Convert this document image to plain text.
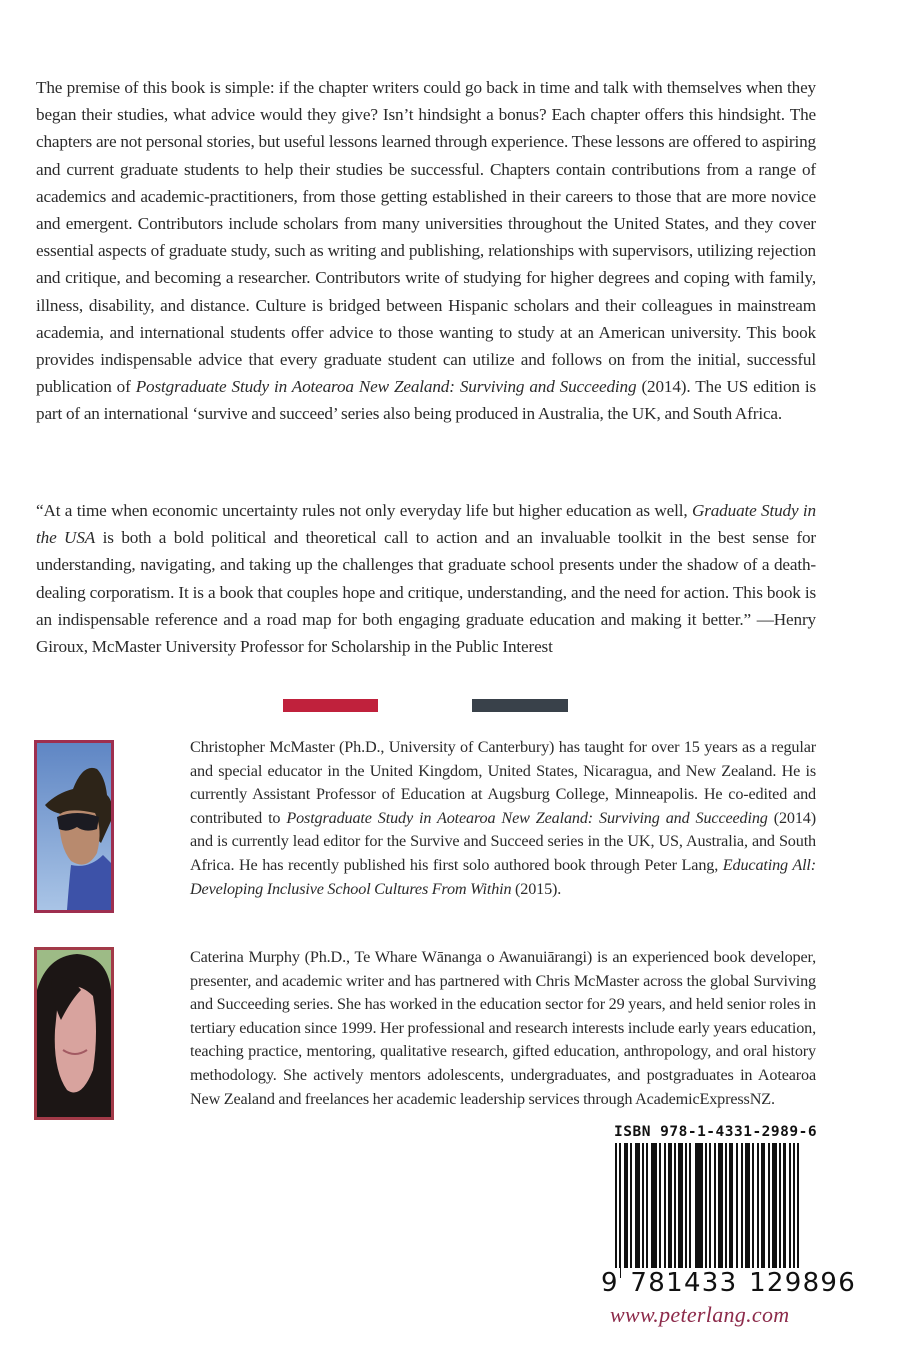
The premise of this book is simple: if the chapter writers could go back in time and talk with themselves when they began their studies, what advice would they give? Isn’t hindsight a bonus? Each chapter offers this hindsight. The chapters are not personal stories, but useful lessons learned through experience. These lessons are offered to aspiring and current graduate students to help their studies be successful. Chapters contain contributions from a range of academics and academic-practitioners, from those getting established in their careers to those that are more novice and emergent. Contributors include scholars from many universities throughout the United States, and they cover essential aspects of graduate study, such as writing and publishing, relationships with supervisors, utilizing rejection and critique, and becoming a researcher. Contributors write of studying for higher degrees and coping with family, illness, disability, and distance. Culture is bridged between Hispanic scholars and their colleagues in mainstream academia, and international students offer advice to those wanting to study at an American university. This book provides indispensable advice that every graduate student can utilize and follows on from the initial, successful publication of Postgraduate Study in Aotearoa New Zealand: Surviving and Succeeding (2014). The US edition is part of an international ‘survive and succeed’ series also being produced in Australia, the UK, and South Africa.

“At a time when economic uncertainty rules not only everyday life but higher education as well, Graduate Study in the USA is both a bold political and theoretical call to action and an invaluable toolkit in the best sense for understanding, navigating, and taking up the challenges that graduate school presents under the shadow of a death-dealing corporatism. It is a book that couples hope and critique, understanding, and the need for action. This book is an indispensable reference and a road map for both engaging graduate education and making it better.” —Henry Giroux, McMaster University Professor for Scholarship in the Public Interest

Christopher McMaster (Ph.D., University of Canterbury) has taught for over 15 years as a regular and special educator in the United Kingdom, United States, Nicaragua, and New Zealand. He is currently Assistant Professor of Education at Augsburg College, Minneapolis. He co-edited and contributed to Postgraduate Study in Aotearoa New Zealand: Surviving and Succeeding (2014) and is currently lead editor for the Survive and Succeed series in the UK, US, Australia, and South Africa. He has recently published his first solo authored book through Peter Lang, Educating All: Developing Inclusive School Cultures From Within (2015).

Caterina Murphy (Ph.D., Te Whare Wānanga o Awanuiārangi) is an experienced book developer, presenter, and academic writer and has partnered with Chris McMaster across the global Surviving and Succeeding series. She has worked in the education sector for 29 years, and held senior roles in tertiary education since 1999. Her professional and research interests include early years education, teaching practice, mentoring, qualitative research, gifted education, anthropology, and oral history methodology. She actively mentors adolescents, undergraduates, and postgraduates in Aotearoa New Zealand and freelances her academic leadership services through AcademicExpressNZ.

ISBN 978-1-4331-2989-6
9 781433 129896
www.peterlang.com
